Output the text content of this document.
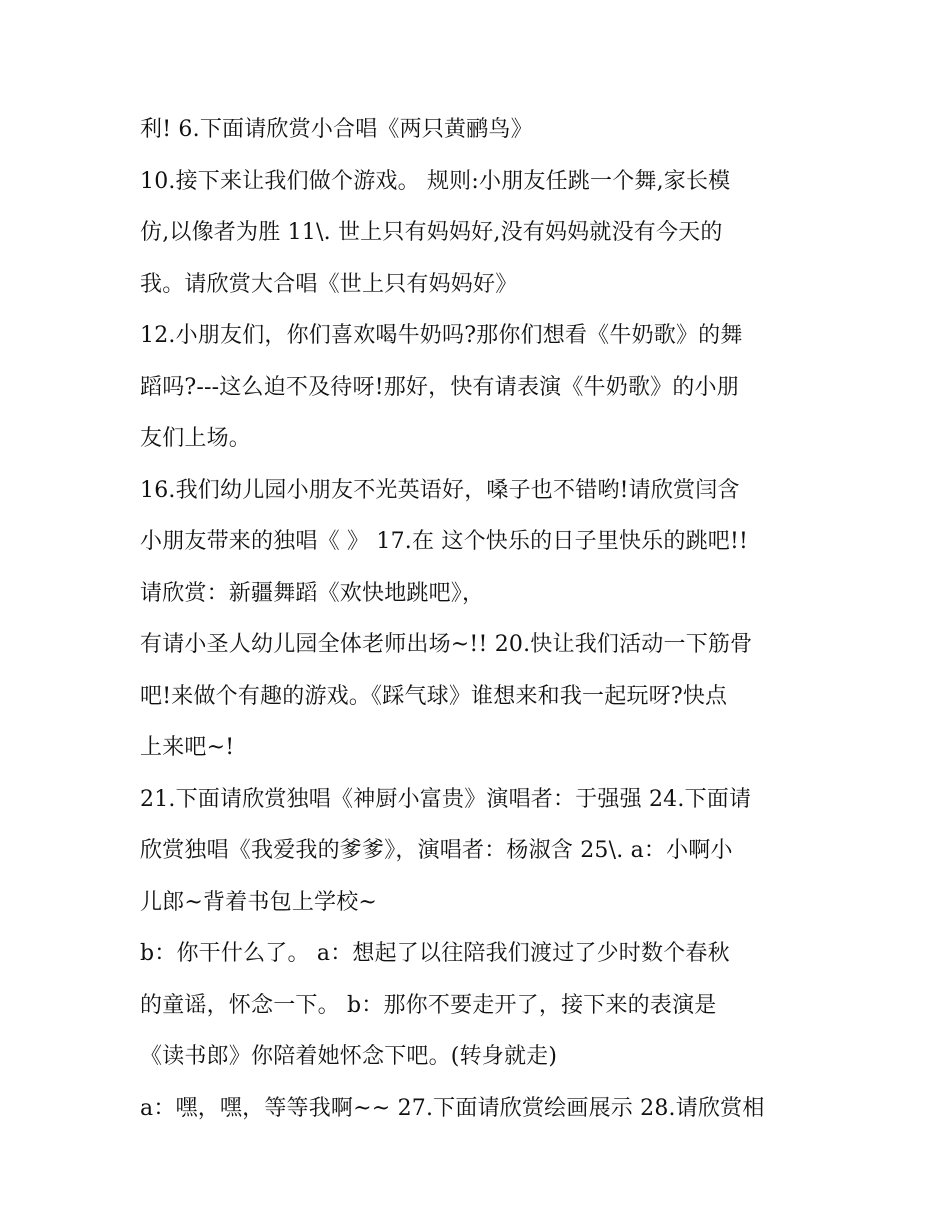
利! 6.下面请欣赏小合唱《两只黄鹂鸟》
10.接下来让我们做个游戏。 规则:小朋友任跳一个舞,家长模
仿,以像者为胜 11\. 世上只有妈妈好,没有妈妈就没有今天的
我。请欣赏大合唱《世上只有妈妈好》
12.小朋友们，你们喜欢喝牛奶吗?那你们想看《牛奶歌》的舞
蹈吗?---这么迫不及待呀!那好，快有请表演《牛奶歌》的小朋
友们上场。
16.我们幼儿园小朋友不光英语好，嗓子也不错哟!请欣赏闫含
小朋友带来的独唱《 》 17.在 这个快乐的日子里快乐的跳吧!!
请欣赏：新疆舞蹈《欢快地跳吧》，
有请小圣人幼儿园全体老师出场~!! 20.快让我们活动一下筋骨
吧!来做个有趣的游戏。《踩气球》谁想来和我一起玩呀?快点
上来吧~!
21.下面请欣赏独唱《神厨小富贵》演唱者：于强强 24.下面请
欣赏独唱《我爱我的爹爹》，演唱者：杨淑含 25\. a：小啊小
儿郎~背着书包上学校~
b：你干什么了。 a：想起了以往陪我们渡过了少时数个春秋
的童谣，怀念一下。 b：那你不要走开了，接下来的表演是
《读书郎》你陪着她怀念下吧。(转身就走)
a：嘿，嘿，等等我啊~~ 27.下面请欣赏绘画展示 28.请欣赏相
